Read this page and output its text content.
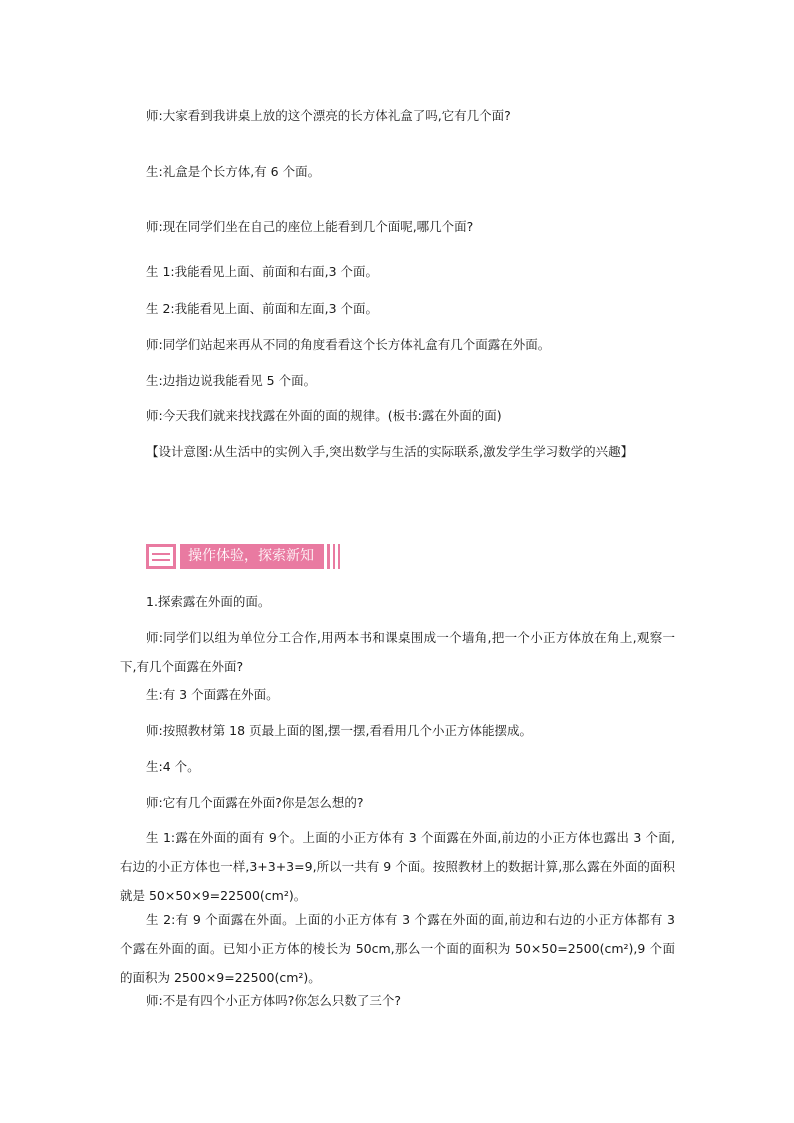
师:大家看到我讲桌上放的这个漂亮的长方体礼盒了吗,它有几个面?

生:礼盒是个长方体,有 6 个面。

师:现在同学们坐在自己的座位上能看到几个面呢,哪几个面?

生 1:我能看见上面、前面和右面,3 个面。

生 2:我能看见上面、前面和左面,3 个面。

师:同学们站起来再从不同的角度看看这个长方体礼盒有几个面露在外面。

生:边指边说我能看见 5 个面。

师:今天我们就来找找露在外面的面的规律。(板书:露在外面的面)

【设计意图:从生活中的实例入手,突出数学与生活的实际联系,激发学生学习数学的兴趣】

操作体验，探索新知

1.探索露在外面的面。

师:同学们以组为单位分工合作,用两本书和课桌围成一个墙角,把一个小正方体放在角上,观察一下,有几个面露在外面?

生:有 3 个面露在外面。

师:按照教材第 18 页最上面的图,摆一摆,看看用几个小正方体能摆成。

生:4 个。

师:它有几个面露在外面?你是怎么想的?

生 1:露在外面的面有 9个。上面的小正方体有 3 个面露在外面,前边的小正方体也露出 3 个面,右边的小正方体也一样,3+3+3=9,所以一共有 9 个面。按照教材上的数据计算,那么露在外面的面积就是 50×50×9=22500(cm²)。

生 2:有 9 个面露在外面。上面的小正方体有 3 个露在外面的面,前边和右边的小正方体都有 3 个露在外面的面。已知小正方体的棱长为 50cm,那么一个面的面积为 50×50=2500(cm²),9 个面的面积为 2500×9=22500(cm²)。

师:不是有四个小正方体吗?你怎么只数了三个?
